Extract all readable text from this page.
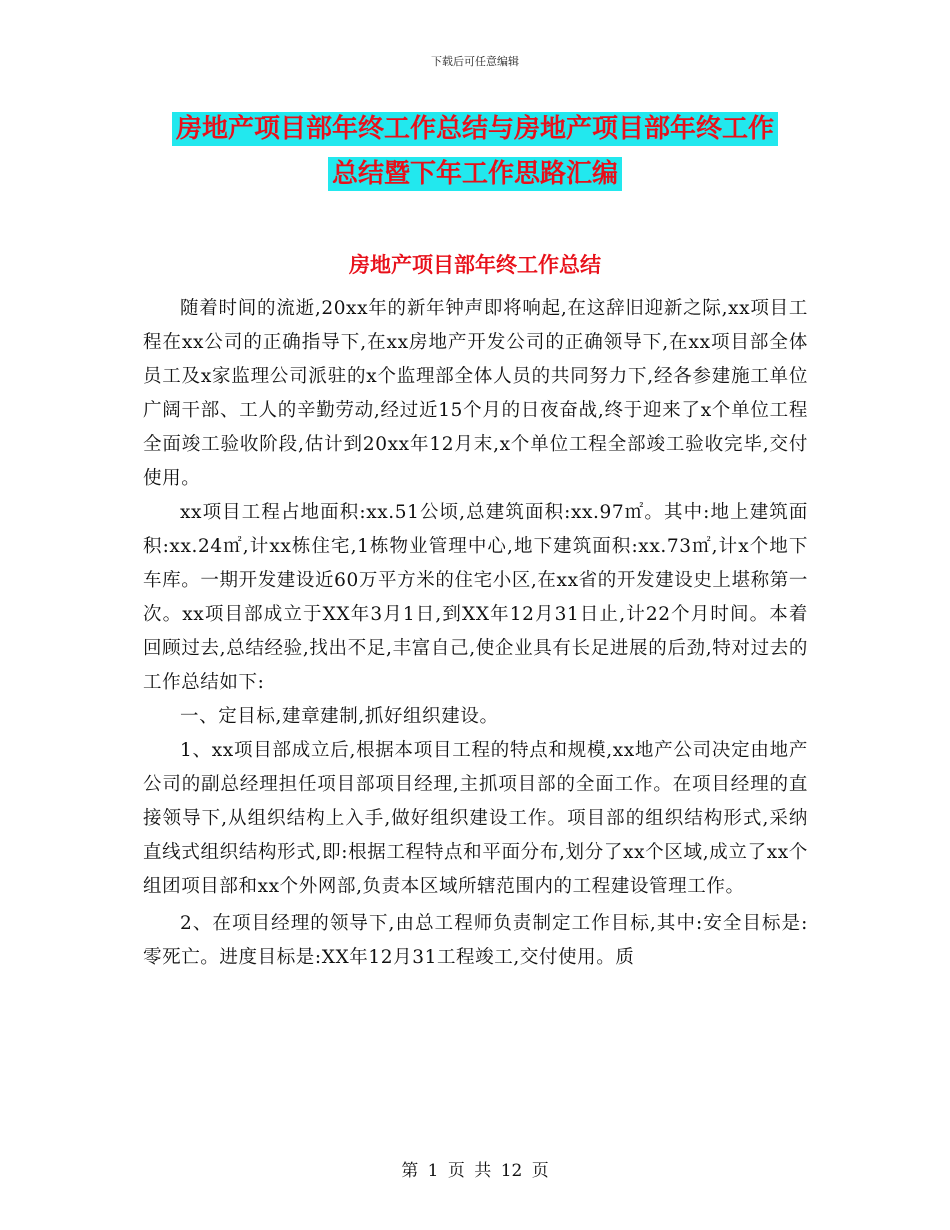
下载后可任意编辑
房地产项目部年终工作总结与房地产项目部年终工作
总结暨下年工作思路汇编
房地产项目部年终工作总结

随着时间的流逝,20xx年的新年钟声即将响起,在这辞旧迎新之际,xx项目工程在xx公司的正确指导下,在xx房地产开发公司的正确领导下,在xx项目部全体员工及x家监理公司派驻的x个监理部全体人员的共同努力下,经各参建施工单位广阔干部、工人的辛勤劳动,经过近15个月的日夜奋战,终于迎来了x个单位工程全面竣工验收阶段,估计到20xx年12月末,x个单位工程全部竣工验收完毕,交付使用。

xx项目工程占地面积:xx.51公顷,总建筑面积:xx.97㎡。其中:地上建筑面积:xx.24㎡,计xx栋住宅,1栋物业管理中心,地下建筑面积:xx.73㎡,计x个地下车库。一期开发建设近60万平方米的住宅小区,在xx省的开发建设史上堪称第一次。xx项目部成立于XX年3月1日,到XX年12月31日止,计22个月时间。本着回顾过去,总结经验,找出不足,丰富自己,使企业具有长足进展的后劲,特对过去的工作总结如下:

一、定目标,建章建制,抓好组织建设。

1、xx项目部成立后,根据本项目工程的特点和规模,xx地产公司决定由地产公司的副总经理担任项目部项目经理,主抓项目部的全面工作。在项目经理的直接领导下,从组织结构上入手,做好组织建设工作。项目部的组织结构形式,采纳直线式组织结构形式,即:根据工程特点和平面分布,划分了xx个区域,成立了xx个组团项目部和xx个外网部,负责本区域所辖范围内的工程建设管理工作。

2、在项目经理的领导下,由总工程师负责制定工作目标,其中:安全目标是:零死亡。进度目标是:XX年12月31工程竣工,交付使用。质

第 1 页 共 12 页
